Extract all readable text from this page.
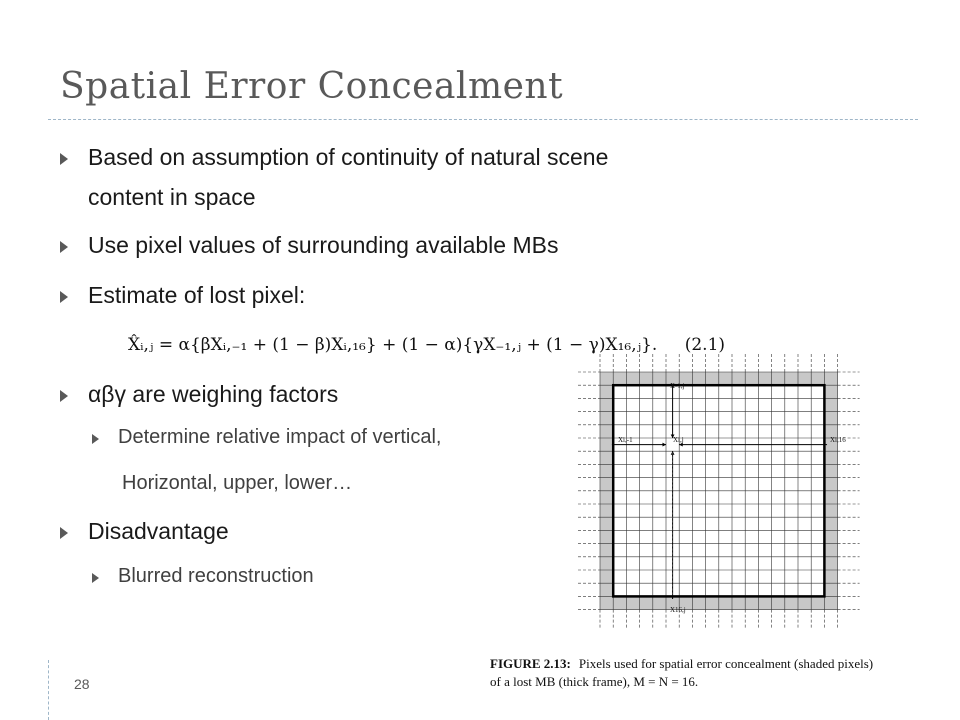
Spatial Error Concealment
Based on assumption of continuity of natural scene
content in space
Use pixel values of surrounding available MBs
Estimate of lost pixel:
X̂ᵢ,ⱼ = α{βXᵢ,₋₁ + (1 − β)Xᵢ,₁₆} + (1 − α){γX₋₁,ⱼ + (1 − γ)X₁₆,ⱼ}. (2.1)
αβγ are weighing factors
Determine relative impact of vertical,
Horizontal, upper, lower…
Disadvantage
Blurred reconstruction
X-1,j
X16,j
Xi,-1	Xi,16
Xi,j
28
FIGURE 2.13: Pixels used for spatial error concealment (shaded pixels)
of a lost MB (thick frame), M = N = 16.
